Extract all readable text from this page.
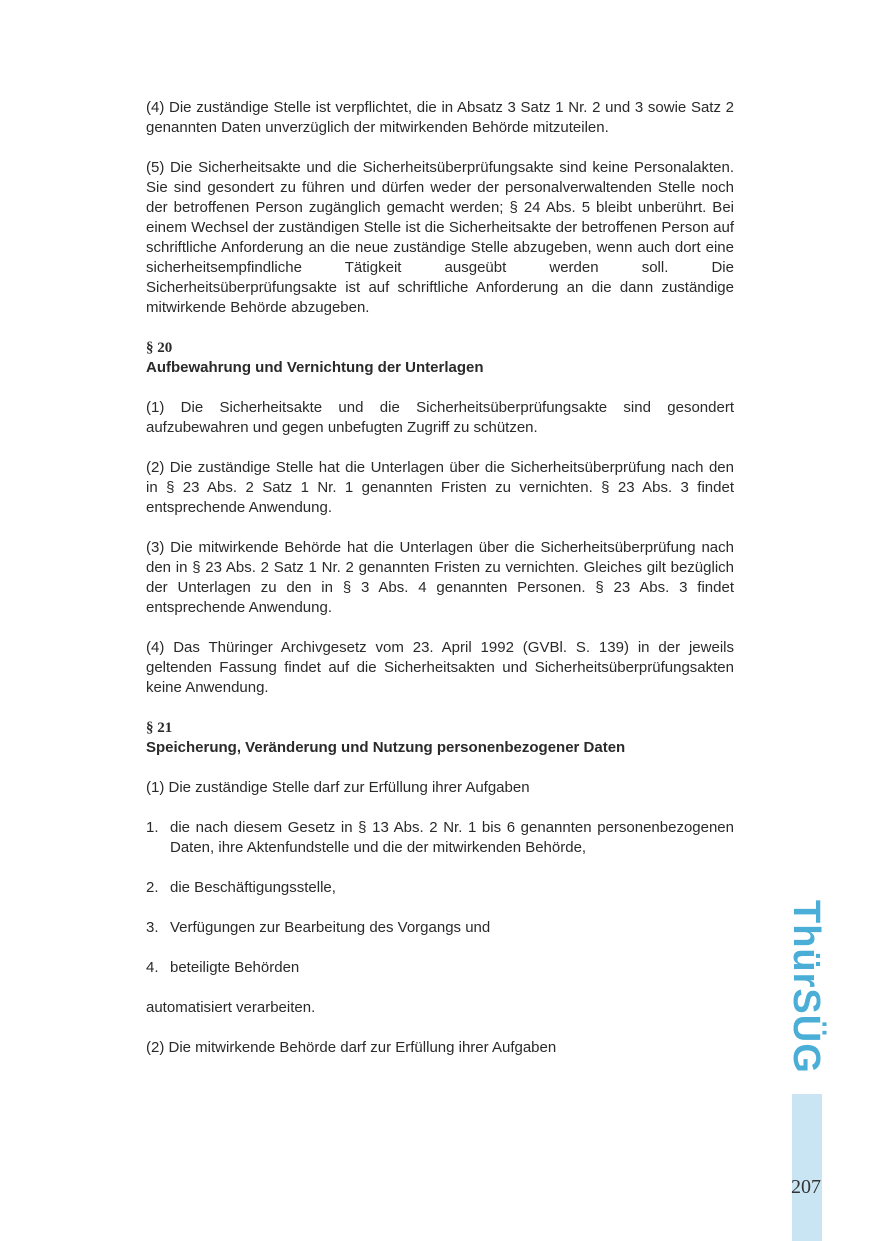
(4) Die zuständige Stelle ist verpflichtet, die in Absatz 3 Satz 1 Nr. 2 und 3 sowie Satz 2 genannten Daten unverzüglich der mitwirkenden Behörde mitzuteilen.

(5) Die Sicherheitsakte und die Sicherheitsüberprüfungsakte sind keine Personalakten. Sie sind gesondert zu führen und dürfen weder der personalverwaltenden Stelle noch der betroffenen Person zugänglich gemacht werden; § 24 Abs. 5 bleibt unberührt. Bei einem Wechsel der zuständigen Stelle ist die Sicherheitsakte der betroffenen Person auf schriftliche Anforderung an die neue zuständige Stelle abzugeben, wenn auch dort eine sicherheitsempfindliche Tätigkeit ausgeübt werden soll. Die Sicherheitsüberprüfungsakte ist auf schriftliche Anforderung an die dann zuständige mitwirkende Behörde abzugeben.

§ 20

Aufbewahrung und Vernichtung der Unterlagen

(1) Die Sicherheitsakte und die Sicherheitsüberprüfungsakte sind gesondert aufzubewahren und gegen unbefugten Zugriff zu schützen.

(2) Die zuständige Stelle hat die Unterlagen über die Sicherheitsüberprüfung nach den in § 23 Abs. 2 Satz 1 Nr. 1 genannten Fristen zu vernichten. § 23 Abs. 3 findet entsprechende Anwendung.

(3) Die mitwirkende Behörde hat die Unterlagen über die Sicherheitsüberprüfung nach den in § 23 Abs. 2 Satz 1 Nr. 2 genannten Fristen zu vernichten. Gleiches gilt bezüglich der Unterlagen zu den in § 3 Abs. 4 genannten Personen. § 23 Abs. 3 findet entsprechende Anwendung.

(4) Das Thüringer Archivgesetz vom 23. April 1992 (GVBl. S. 139) in der jeweils geltenden Fassung findet auf die Sicherheitsakten und Sicherheitsüberprüfungsakten keine Anwendung.

§ 21

Speicherung, Veränderung und Nutzung personenbezogener Daten

(1) Die zuständige Stelle darf zur Erfüllung ihrer Aufgaben

1. die nach diesem Gesetz in § 13 Abs. 2 Nr. 1 bis 6 genannten personenbezogenen Daten, ihre Aktenfundstelle und die der mitwirkenden Behörde,
2. die Beschäftigungsstelle,
3. Verfügungen zur Bearbeitung des Vorgangs und
4. beteiligte Behörden

automatisiert verarbeiten.

(2) Die mitwirkende Behörde darf zur Erfüllung ihrer Aufgaben	ThürSÜG
207
